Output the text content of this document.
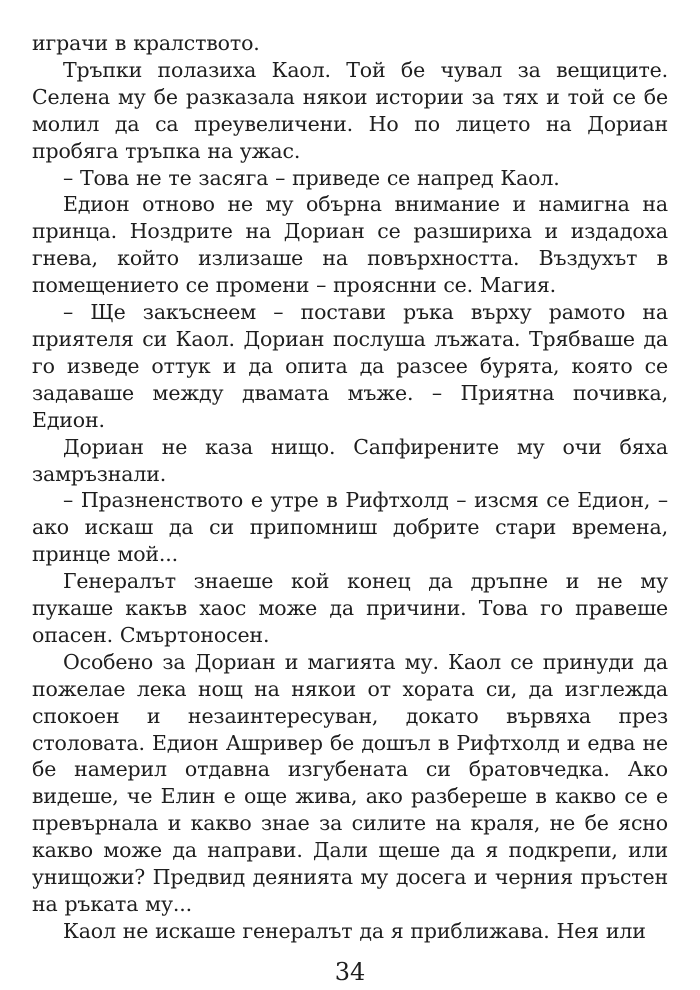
играчи в кралството.

Тръпки полазиха Каол. Той бе чувал за вещиците. Селена му бе разказала някои истории за тях и той се бе молил да са преувеличени. Но по лицето на Дориан пробяга тръпка на ужас.

– Това не те засяга – приведе се напред Каол.

Едион отново не му обърна внимание и намигна на принца. Ноздрите на Дориан се разшириха и издадоха гнева, който излизаше на повърхността. Въздухът в помещението се промени – прояснни се. Магия.

– Ще закъснеем – постави ръка върху рамото на приятеля си Каол. Дориан послуша лъжата. Трябваше да го изведе оттук и да опита да разсее бурята, която се задаваше между двамата мъже. – Приятна почивка, Едион.

Дориан не каза нищо. Сапфирените му очи бяха замръзнали.

– Празненството е утре в Рифтхолд – изсмя се Едион, – ако искаш да си припомниш добрите стари времена, принце мой...

Генералът знаеше кой конец да дръпне и не му пукаше какъв хаос може да причини. Това го правеше опасен. Смъртоносен.

Особено за Дориан и магията му. Каол се принуди да пожелае лека нощ на някои от хората си, да изглежда спокоен и незаинтересуван, докато вървяха през столовата. Едион Ашривер бе дошъл в Рифтхолд и едва не бе намерил отдавна изгубената си братовчедка. Ако видеше, че Елин е още жива, ако разбереше в какво се е превърнала и какво знае за силите на краля, не бе ясно какво може да направи. Дали щеше да я подкрепи, или унищожи? Предвид деянията му досега и черния пръстен на ръката му...

Каол не искаше генералът да я приближава. Нея или

34
